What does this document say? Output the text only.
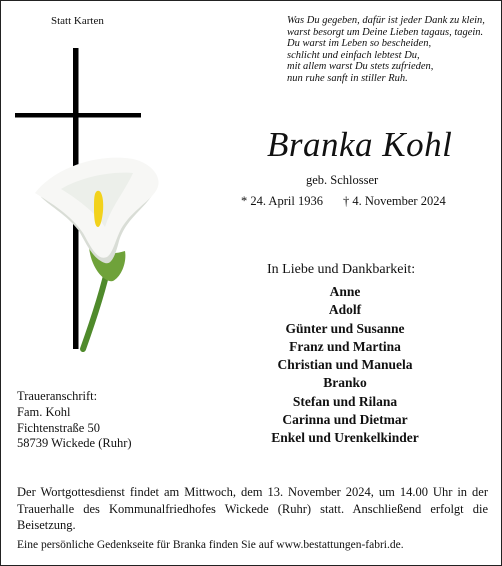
Statt Karten	Was Du gegeben, dafür ist jeder Dank zu klein,
warst besorgt um Deine Lieben tagaus, tagein.
Du warst im Leben so bescheiden,
schlicht und einfach lebtest Du,
mit allem warst Du stets zufrieden,
nun ruhe sanft in stiller Ruh.
Branka Kohl
geb. Schlosser
* 24. April 1936 † 4. November 2024
In Liebe und Dankbarkeit:
Anne
Adolf
Günter und Susanne
Franz und Martina
Christian und Manuela
Branko
Stefan und Rilana
Carinna und Dietmar
Enkel und Urenkelkinder
Traueranschrift:
Fam. Kohl
Fichtenstraße 50
58739 Wickede (Ruhr)
Der Wortgottesdienst findet am Mittwoch, dem 13. November 2024, um 14.00 Uhr in der Trauerhalle des Kommunalfriedhofes Wickede (Ruhr) statt. Anschließend erfolgt die Beisetzung.
Eine persönliche Gedenkseite für Branka finden Sie auf www.bestattungen-fabri.de.
